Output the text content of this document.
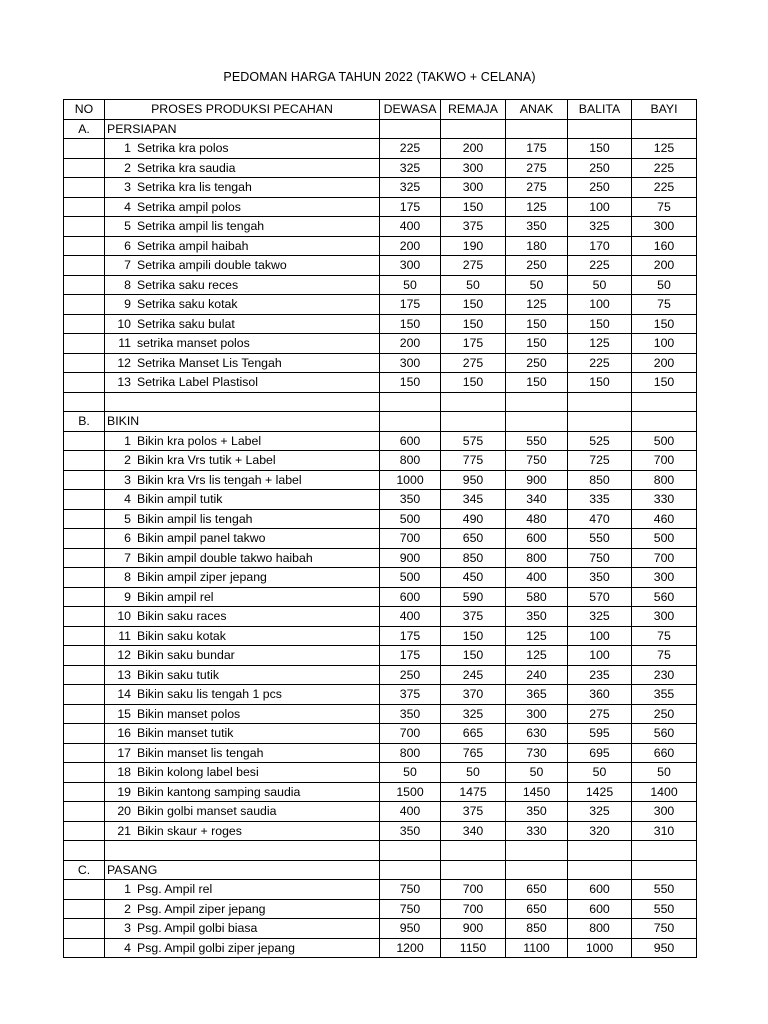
PEDOMAN HARGA TAHUN 2022 (TAKWO + CELANA)
NO	PROSES PRODUKSI PECAHAN	DEWASA	REMAJA	ANAK	BALITA	BAYI
A.	PERSIAPAN					
	1 Setrika kra polos	225	200	175	150	125
	2 Setrika kra saudia	325	300	275	250	225
	3 Setrika kra lis tengah	325	300	275	250	225
	4 Setrika ampil polos	175	150	125	100	75
	5 Setrika ampil lis tengah	400	375	350	325	300
	6 Setrika ampil haibah	200	190	180	170	160
	7 Setrika ampili double takwo	300	275	250	225	200
	8 Setrika saku reces	50	50	50	50	50
	9 Setrika saku kotak	175	150	125	100	75
	10 Setrika saku bulat	150	150	150	150	150
	11 setrika manset polos	200	175	150	125	100
	12 Setrika Manset Lis Tengah	300	275	250	225	200
	13 Setrika Label Plastisol	150	150	150	150	150

B.	BIKIN					
	1 Bikin kra polos + Label	600	575	550	525	500
	2 Bikin kra Vrs tutik + Label	800	775	750	725	700
	3 Bikin kra Vrs lis tengah + label	1000	950	900	850	800
	4 Bikin ampil tutik	350	345	340	335	330
	5 Bikin ampil lis tengah	500	490	480	470	460
	6 Bikin ampil panel takwo	700	650	600	550	500
	7 Bikin ampil double takwo haibah	900	850	800	750	700
	8 Bikin ampil ziper jepang	500	450	400	350	300
	9 Bikin ampil rel	600	590	580	570	560
	10 Bikin saku races	400	375	350	325	300
	11 Bikin saku kotak	175	150	125	100	75
	12 Bikin saku bundar	175	150	125	100	75
	13 Bikin saku tutik	250	245	240	235	230
	14 Bikin saku lis tengah 1 pcs	375	370	365	360	355
	15 Bikin manset polos	350	325	300	275	250
	16 Bikin manset tutik	700	665	630	595	560
	17 Bikin manset lis tengah	800	765	730	695	660
	18 Bikin kolong label besi	50	50	50	50	50
	19 Bikin kantong samping saudia	1500	1475	1450	1425	1400
	20 Bikin golbi manset saudia	400	375	350	325	300
	21 Bikin skaur + roges	350	340	330	320	310

C.	PASANG					
	1 Psg. Ampil rel	750	700	650	600	550
	2 Psg. Ampil ziper jepang	750	700	650	600	550
	3 Psg. Ampil golbi biasa	950	900	850	800	750
	4 Psg. Ampil golbi ziper jepang	1200	1150	1100	1000	950
